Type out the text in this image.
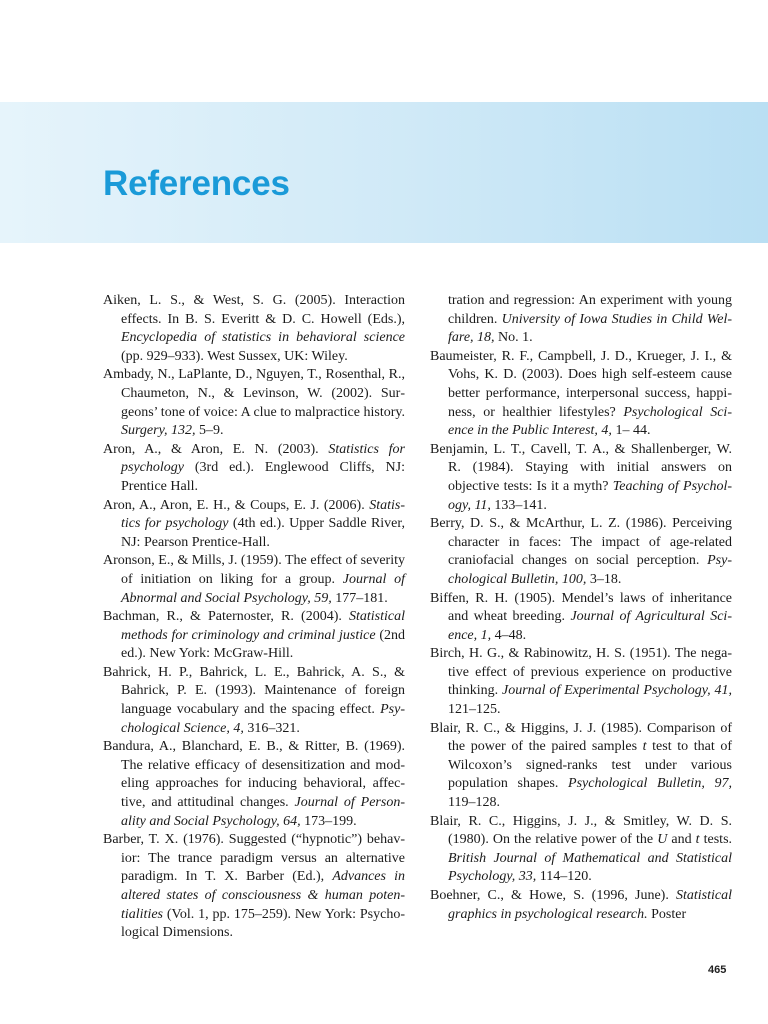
References

Aiken, L. S., & West, S. G. (2005). Interaction effects. In B. S. Everitt & D. C. Howell (Eds.), Encyclopedia of statistics in behavioral science (pp. 929–933). West Sussex, UK: Wiley.

Ambady, N., LaPlante, D., Nguyen, T., Rosenthal, R., Chaumeton, N., & Levinson, W. (2002). Surgeons’ tone of voice: A clue to malpractice history. Surgery, 132, 5–9.

Aron, A., & Aron, E. N. (2003). Statistics for psychology (3rd ed.). Englewood Cliffs, NJ: Prentice Hall.

Aron, A., Aron, E. H., & Coups, E. J. (2006). Statistics for psychology (4th ed.). Upper Saddle River, NJ: Pearson Prentice-Hall.

Aronson, E., & Mills, J. (1959). The effect of severity of initiation on liking for a group. Journal of Abnormal and Social Psychology, 59, 177–181.

Bachman, R., & Paternoster, R. (2004). Statistical methods for criminology and criminal justice (2nd ed.). New York: McGraw-Hill.

Bahrick, H. P., Bahrick, L. E., Bahrick, A. S., & Bahrick, P. E. (1993). Maintenance of foreign language vocabulary and the spacing effect. Psychological Science, 4, 316–321.

Bandura, A., Blanchard, E. B., & Ritter, B. (1969). The relative efficacy of desensitization and modeling approaches for inducing behavioral, affective, and attitudinal changes. Journal of Personality and Social Psychology, 64, 173–199.

Barber, T. X. (1976). Suggested (“hypnotic”) behavior: The trance paradigm versus an alternative paradigm. In T. X. Barber (Ed.), Advances in altered states of consciousness & human potentialities (Vol. 1, pp. 175–259). New York: Psychological Dimensions.

tration and regression: An experiment with young children. University of Iowa Studies in Child Welfare, 18, No. 1.

Baumeister, R. F., Campbell, J. D., Krueger, J. I., & Vohs, K. D. (2003). Does high self-esteem cause better performance, interpersonal success, happiness, or healthier lifestyles? Psychological Science in the Public Interest, 4, 1– 44.

Benjamin, L. T., Cavell, T. A., & Shallenberger, W. R. (1984). Staying with initial answers on objective tests: Is it a myth? Teaching of Psychology, 11, 133–141.

Berry, D. S., & McArthur, L. Z. (1986). Perceiving character in faces: The impact of age-related craniofacial changes on social perception. Psychological Bulletin, 100, 3–18.

Biffen, R. H. (1905). Mendel’s laws of inheritance and wheat breeding. Journal of Agricultural Science, 1, 4–48.

Birch, H. G., & Rabinowitz, H. S. (1951). The negative effect of previous experience on productive thinking. Journal of Experimental Psychology, 41, 121–125.

Blair, R. C., & Higgins, J. J. (1985). Comparison of the power of the paired samples t test to that of Wilcoxon’s signed-ranks test under various population shapes. Psychological Bulletin, 97, 119–128.

Blair, R. C., Higgins, J. J., & Smitley, W. D. S. (1980). On the relative power of the U and t tests. British Journal of Mathematical and Statistical Psychology, 33, 114–120.

Boehner, C., & Howe, S. (1996, June). Statistical graphics in psychological research. Poster

465
